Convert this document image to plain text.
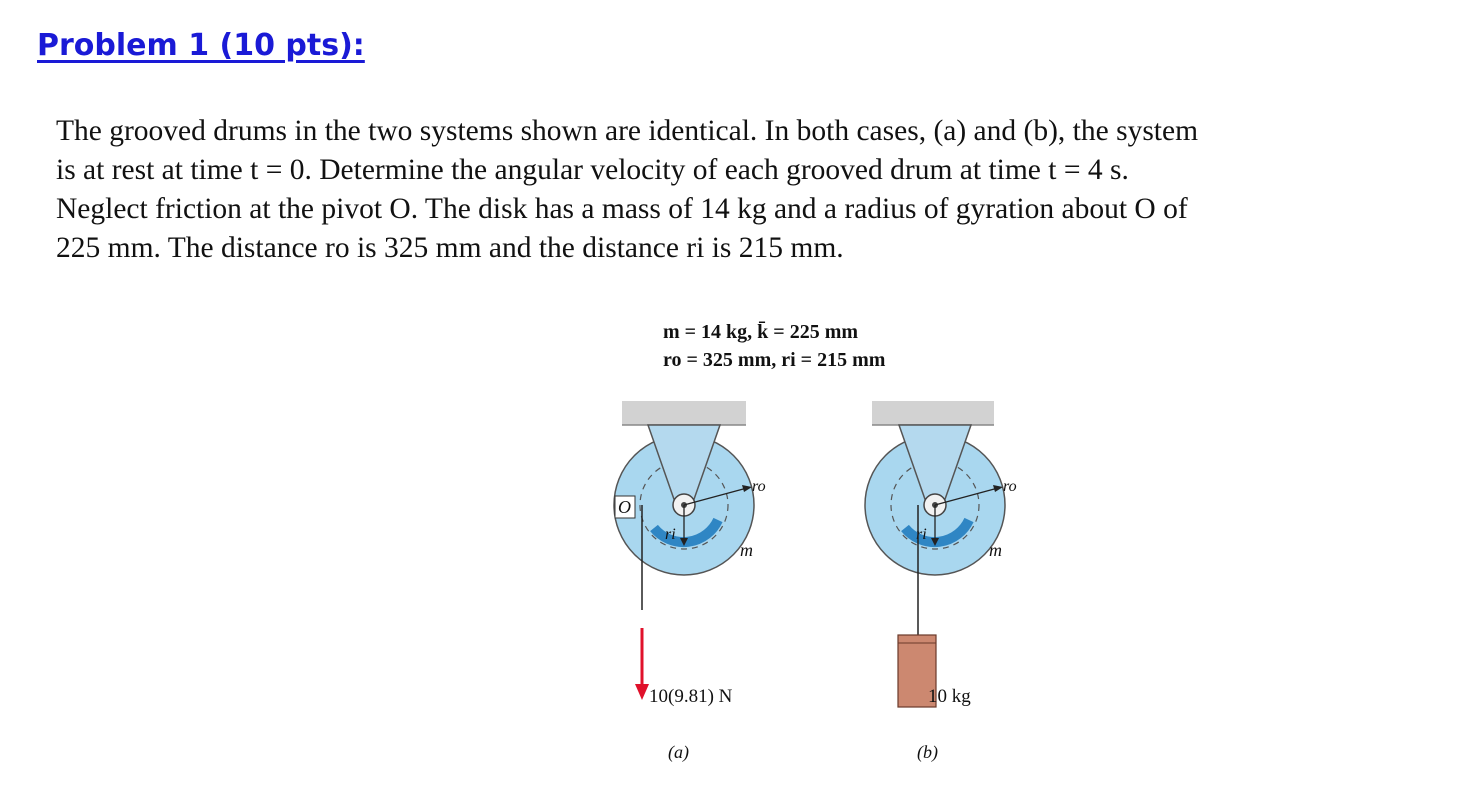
Problem 1 (10 pts):
The grooved drums in the two systems shown are identical. In both cases, (a) and (b), the system
is at rest at time t = 0. Determine the angular velocity of each grooved drum at time t = 4 s.
Neglect friction at the pivot O. The disk has a mass of 14 kg and a radius of gyration about O of
225 mm. The distance ro is 325 mm and the distance ri is 215 mm.
m = 14 kg, k̄ = 225 mm
ro = 325 mm, ri = 215 mm
O
ro
ri
m
10(9.81) N
(a)
ro
ri
m
10 kg
(b)
